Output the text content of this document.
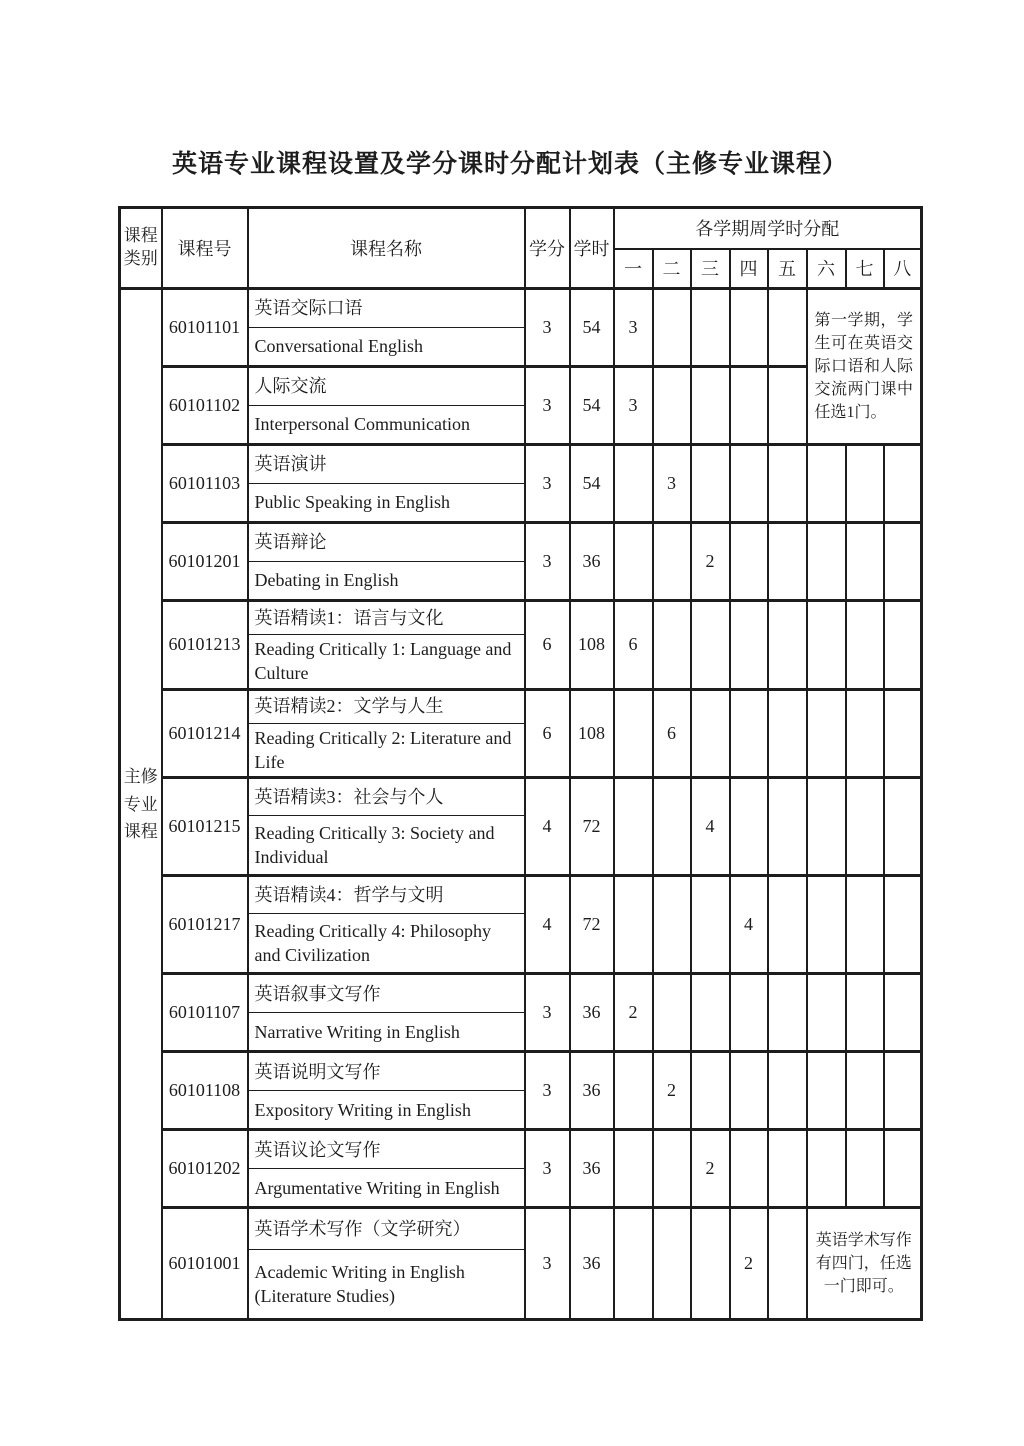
英语专业课程设置及学分课时分配计划表（主修专业课程）
课程类别	课程号	课程名称	学分	学时	各学期周学时分配							
					一	二	三	四	五	六	七	八
主修专业课程	60101101	英语交际口语	3	54	3					第一学期，学生可在英语交际口语和人际交流两门课中任选1门。		
		Conversational English										
	60101102	人际交流	3	54	3							
		Interpersonal Communication										
	60101103	英语演讲	3	54		3						
		Public Speaking in English										
	60101201	英语辩论	3	36			2					
		Debating in English										
	60101213	英语精读1：语言与文化	6	108	6							
		Reading Critically 1: Language and Culture										
	60101214	英语精读2：文学与人生	6	108		6						
		Reading Critically 2: Literature and Life										
	60101215	英语精读3：社会与个人	4	72			4					
		Reading Critically 3: Society and Individual										
	60101217	英语精读4：哲学与文明	4	72				4				
		Reading Critically 4: Philosophy and Civilization										
	60101107	英语叙事文写作	3	36	2							
		Narrative Writing in English										
	60101108	英语说明文写作	3	36		2						
		Expository Writing in English										
	60101202	英语议论文写作	3	36			2					
		Argumentative Writing in English										
	60101001	英语学术写作（文学研究）	3	36				2		英语学术写作有四门，任选一门即可。		
		Academic Writing in English (Literature Studies)										
